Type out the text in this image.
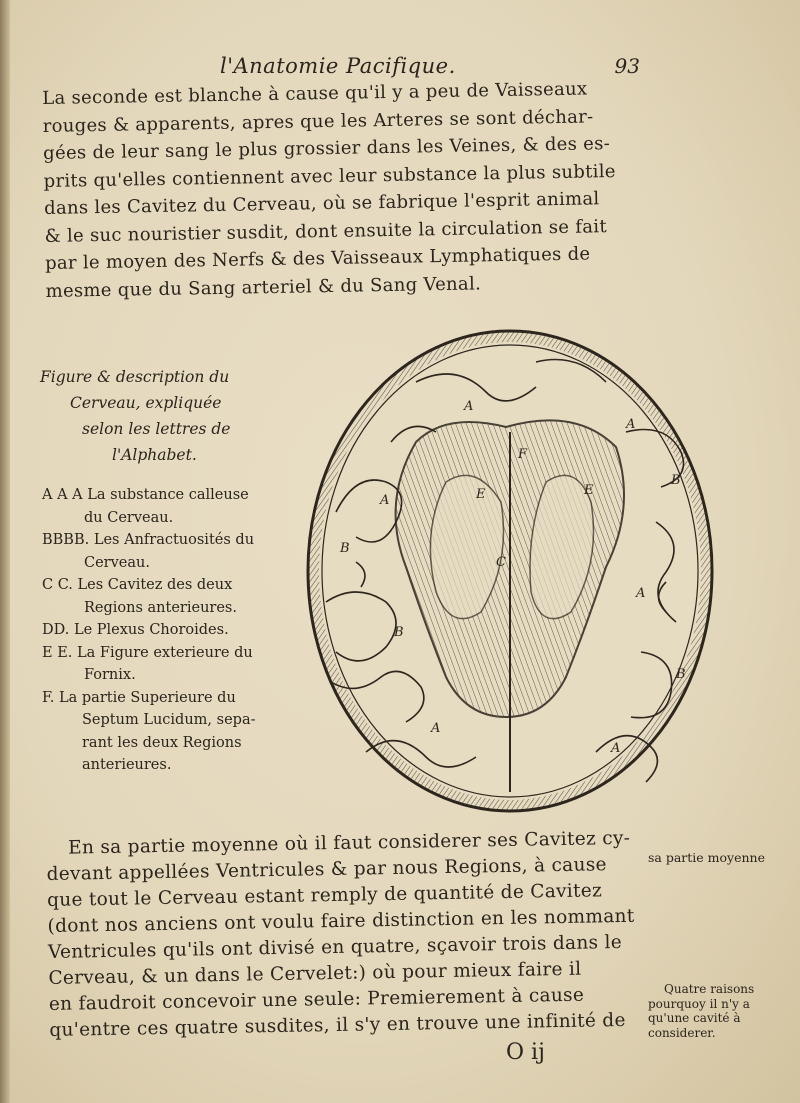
l'Anatomie Pacifique.	93
La seconde est blanche à cause qu'il y a peu de Vaisseaux
rouges & apparents, apres que les Arteres se sont déchar-
gées de leur sang le plus grossier dans les Veines, & des es-
prits qu'elles contiennent avec leur substance la plus subtile
dans les Cavitez du Cerveau, où se fabrique l'esprit animal
& le suc nouristier susdit, dont ensuite la circulation se fait
par le moyen des Nerfs & des Vaisseaux Lymphatiques de
mesme que du Sang arteriel & du Sang Venal.
Figure & description du
Cerveau, expliquée
selon les lettres de
l'Alphabet.
A A A La substance calleuse
du Cerveau.
BBBB. Les Anfractuosités du
Cerveau.
C C. Les Cavitez des deux
Regions anterieures.
DD. Le Plexus Choroides.
E E. La Figure exterieure du
Fornix.
F. La partie Superieure du
Septum Lucidum, sepa-
rant les deux Regions
anterieures.
A
A
A
A
A
A
B
B
B
B
E	E
C
F
En sa partie moyenne où il faut considerer ses Cavitez cy-
devant appellées Ventricules & par nous Regions, à cause
que tout le Cerveau estant remply de quantité de Cavitez
(dont nos anciens ont voulu faire distinction en les nommant
Ventricules qu'ils ont divisé en quatre, sçavoir trois dans le
Cerveau, & un dans le Cervelet:) où pour mieux faire il
en faudroit concevoir une seule: Premierement à cause
qu'entre ces quatre susdites, il s'y en trouve une infinité de
sa partie moyenne
Quatre raisons
pourquoy il n'y a
qu'une cavité à
considerer.
O ij
